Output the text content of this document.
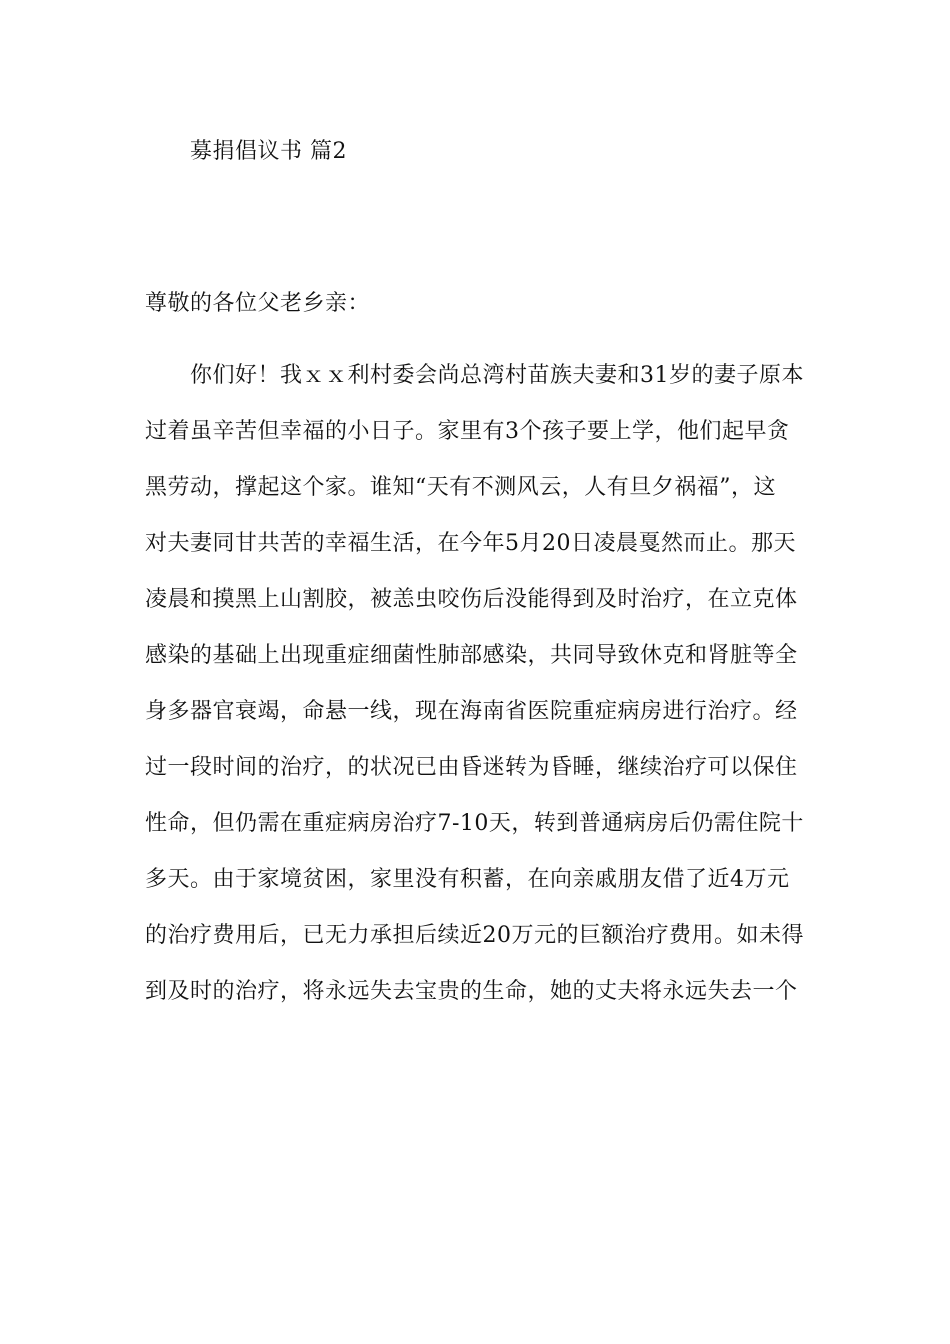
募捐倡议书 篇2
尊敬的各位父老乡亲：
你们好！我ｘｘ利村委会尚总湾村苗族夫妻和31岁的妻子原本
过着虽辛苦但幸福的小日子。家里有3个孩子要上学，他们起早贪
黑劳动，撑起这个家。谁知“天有不测风云，人有旦夕祸福”，这
对夫妻同甘共苦的幸福生活，在今年5月20日凌晨戛然而止。那天
凌晨和摸黑上山割胶，被恙虫咬伤后没能得到及时治疗，在立克体
感染的基础上出现重症细菌性肺部感染，共同导致休克和肾脏等全
身多器官衰竭，命悬一线，现在海南省医院重症病房进行治疗。经
过一段时间的治疗，的状况已由昏迷转为昏睡，继续治疗可以保住
性命，但仍需在重症病房治疗7-10天，转到普通病房后仍需住院十
多天。由于家境贫困，家里没有积蓄，在向亲戚朋友借了近4万元
的治疗费用后，已无力承担后续近20万元的巨额治疗费用。如未得
到及时的治疗，将永远失去宝贵的生命，她的丈夫将永远失去一个
